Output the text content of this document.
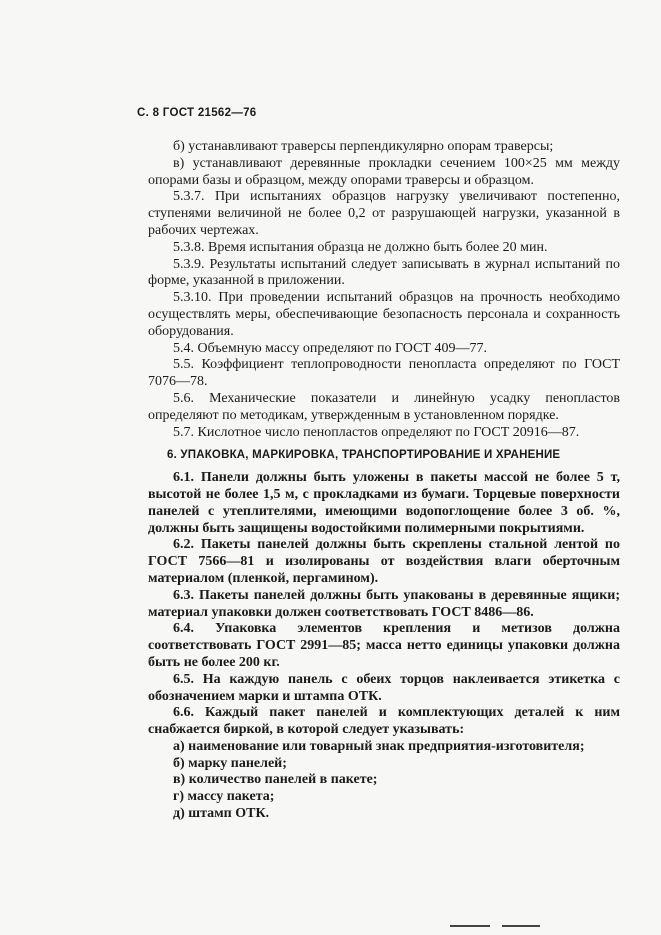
С. 8 ГОСТ 21562—76
б) устанавливают траверсы перпендикулярно опорам траверсы;
в) устанавливают деревянные прокладки сечением 100×25 мм между опорами базы и образцом, между опорами траверсы и образцом.
5.3.7. При испытаниях образцов нагрузку увеличивают постепенно, ступенями величиной не более 0,2 от разрушающей нагрузки, указанной в рабочих чертежах.
5.3.8. Время испытания образца не должно быть более 20 мин.
5.3.9. Результаты испытаний следует записывать в журнал испытаний по форме, указанной в приложении.
5.3.10. При проведении испытаний образцов на прочность необходимо осуществлять меры, обеспечивающие безопасность персонала и сохранность оборудования.
5.4. Объемную массу определяют по ГОСТ 409—77.
5.5. Коэффициент теплопроводности пенопласта определяют по ГОСТ 7076—78.
5.6. Механические показатели и линейную усадку пенопластов определяют по методикам, утвержденным в установленном порядке.
5.7. Кислотное число пенопластов определяют по ГОСТ 20916—87.
6. УПАКОВКА, МАРКИРОВКА, ТРАНСПОРТИРОВАНИЕ И ХРАНЕНИЕ
6.1. Панели должны быть уложены в пакеты массой не более 5 т, высотой не более 1,5 м, с прокладками из бумаги. Торцевые поверхности панелей с утеплителями, имеющими водопоглощение более 3 об. %, должны быть защищены водостойкими полимерными покрытиями.
6.2. Пакеты панелей должны быть скреплены стальной лентой по ГОСТ 7566—81 и изолированы от воздействия влаги оберточным материалом (пленкой, пергамином).
6.3. Пакеты панелей должны быть упакованы в деревянные ящики; материал упаковки должен соответствовать ГОСТ 8486—86.
6.4. Упаковка элементов крепления и метизов должна соответствовать ГОСТ 2991—85; масса нетто единицы упаковки должна быть не более 200 кг.
6.5. На каждую панель с обеих торцов наклеивается этикетка с обозначением марки и штампа ОТК.
6.6. Каждый пакет панелей и комплектующих деталей к ним снабжается биркой, в которой следует указывать:
а) наименование или товарный знак предприятия-изготовителя;
б) марку панелей;
в) количество панелей в пакете;
г) массу пакета;
д) штамп ОТК.
